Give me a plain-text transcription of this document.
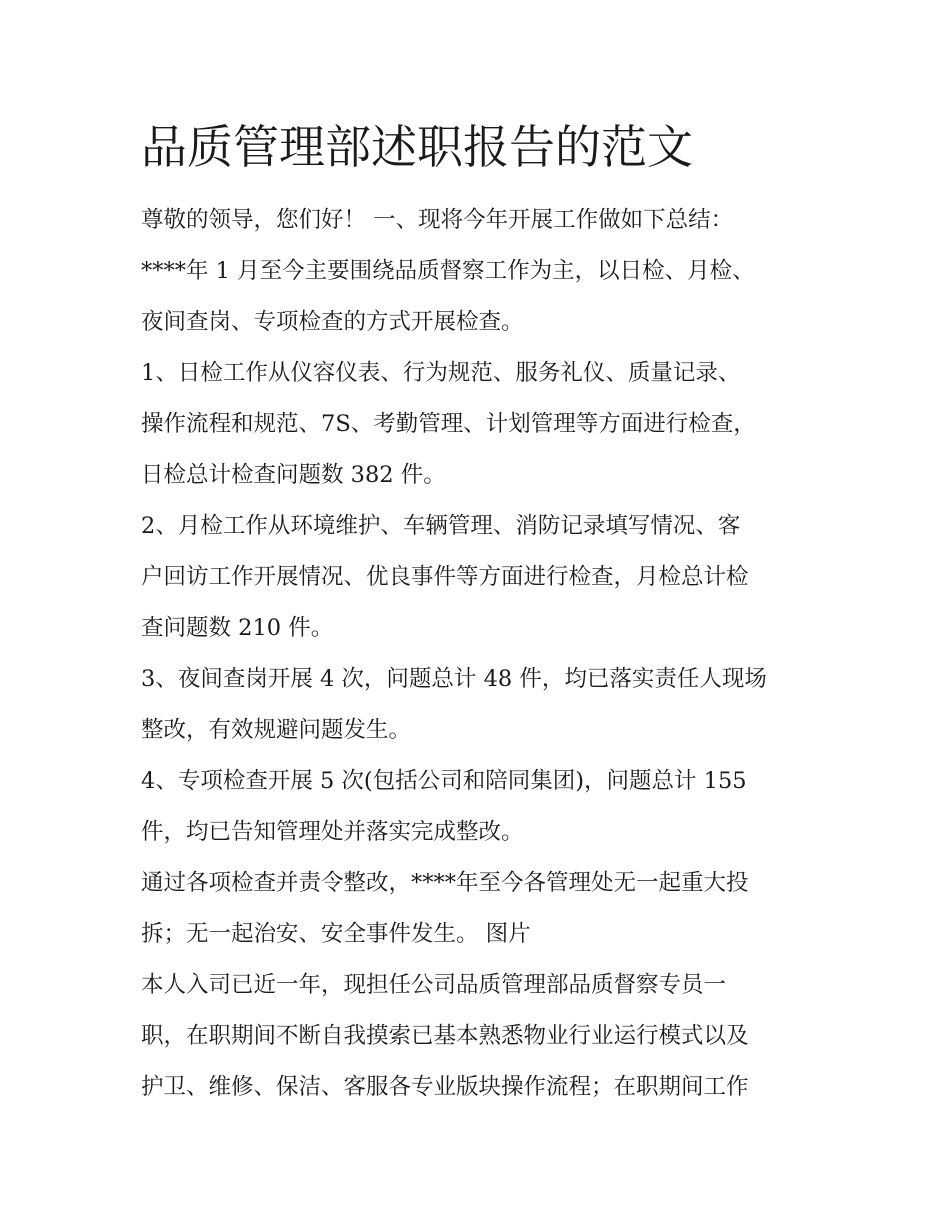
品质管理部述职报告的范文
尊敬的领导，您们好！ 一、现将今年开展工作做如下总结：
****年 1 月至今主要围绕品质督察工作为主，以日检、月检、
夜间查岗、专项检查的方式开展检查。
1、日检工作从仪容仪表、行为规范、服务礼仪、质量记录、
操作流程和规范、7S、考勤管理、计划管理等方面进行检查，
日检总计检查问题数 382 件。
2、月检工作从环境维护、车辆管理、消防记录填写情况、客
户回访工作开展情况、优良事件等方面进行检查，月检总计检
查问题数 210 件。
3、夜间查岗开展 4 次，问题总计 48 件，均已落实责任人现场
整改，有效规避问题发生。
4、专项检查开展 5 次(包括公司和陪同集团)，问题总计 155
件，均已告知管理处并落实完成整改。
通过各项检查并责令整改，****年至今各管理处无一起重大投
拆；无一起治安、安全事件发生。 图片
本人入司已近一年，现担任公司品质管理部品质督察专员一
职，在职期间不断自我摸索已基本熟悉物业行业运行模式以及
护卫、维修、保洁、客服各专业版块操作流程；在职期间工作
